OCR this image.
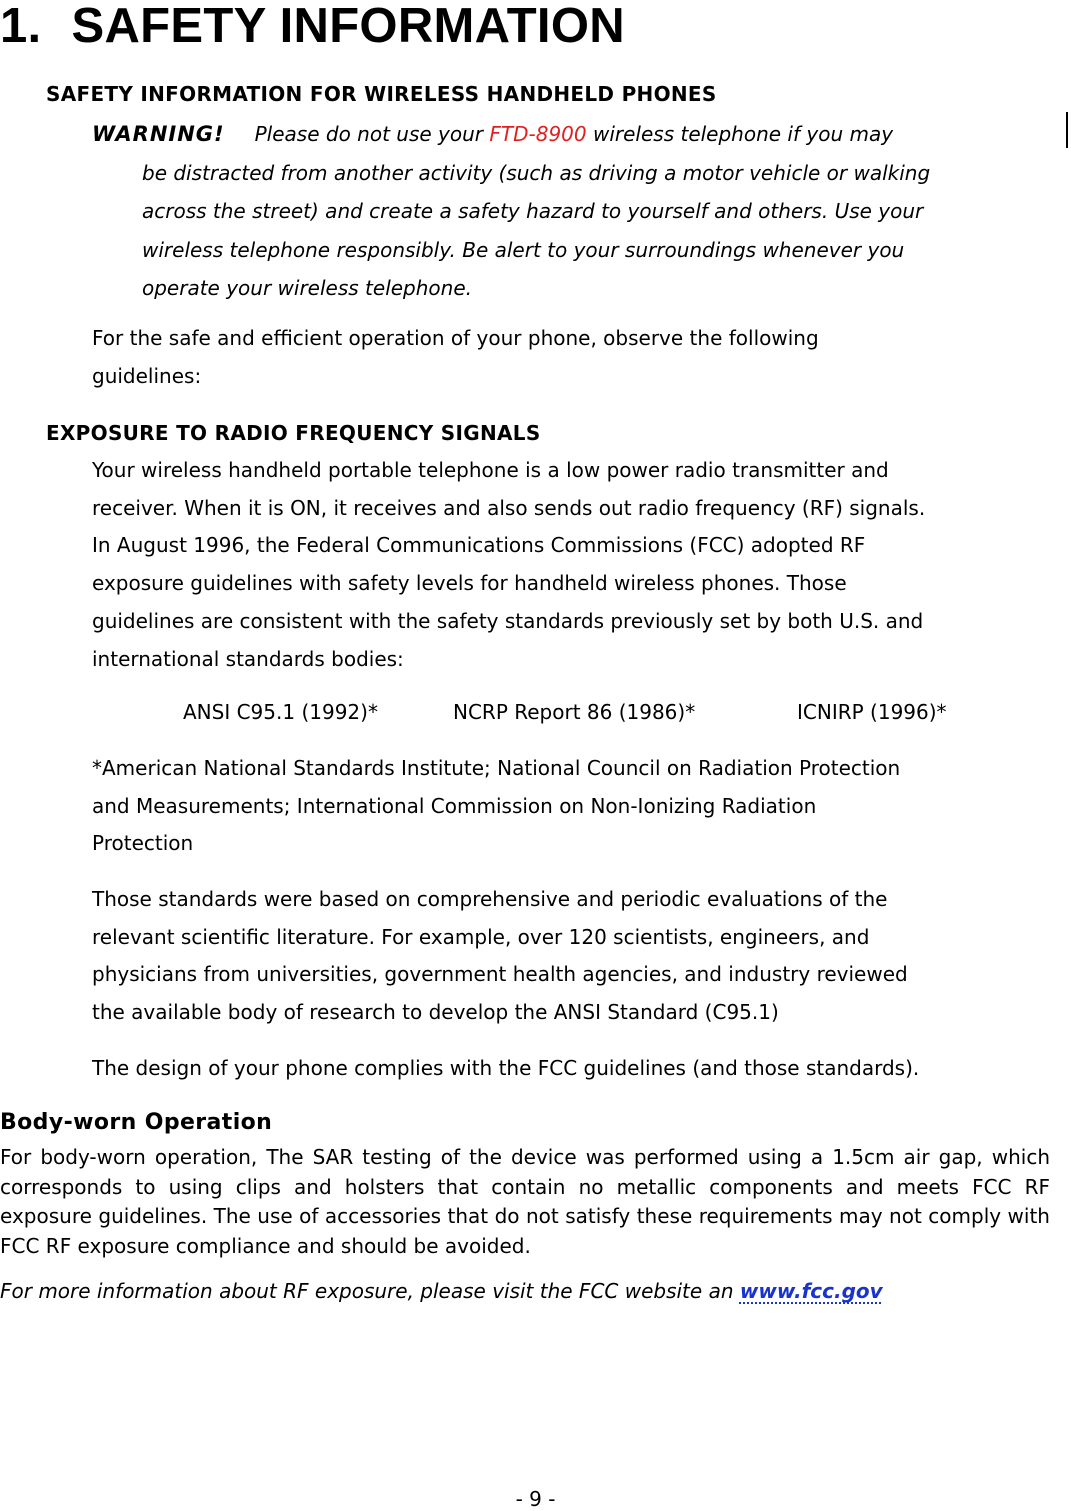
1. SAFETY INFORMATION
SAFETY INFORMATION FOR WIRELESS HANDHELD PHONES
WARNING! Please do not use your FTD-8900 wireless telephone if you may
be distracted from another activity (such as driving a motor vehicle or walking
across the street) and create a safety hazard to yourself and others. Use your
wireless telephone responsibly. Be alert to your surroundings whenever you
operate your wireless telephone.
For the safe and efficient operation of your phone, observe the following
guidelines:
EXPOSURE TO RADIO FREQUENCY SIGNALS
Your wireless handheld portable telephone is a low power radio transmitter and
receiver. When it is ON, it receives and also sends out radio frequency (RF) signals.
In August 1996, the Federal Communications Commissions (FCC) adopted RF
exposure guidelines with safety levels for handheld wireless phones. Those
guidelines are consistent with the safety standards previously set by both U.S. and
international standards bodies:
ANSI C95.1 (1992)*	NCRP Report 86 (1986)*	ICNIRP (1996)*
*American National Standards Institute; National Council on Radiation Protection
and Measurements; International Commission on Non-Ionizing Radiation
Protection
Those standards were based on comprehensive and periodic evaluations of the
relevant scientific literature. For example, over 120 scientists, engineers, and
physicians from universities, government health agencies, and industry reviewed
the available body of research to develop the ANSI Standard (C95.1)
The design of your phone complies with the FCC guidelines (and those standards).
Body-worn Operation
For body-worn operation, The SAR testing of the device was performed using a 1.5cm air gap, which corresponds to using clips and holsters that contain no metallic components and meets FCC RF exposure guidelines. The use of accessories that do not satisfy these requirements may not comply with FCC RF exposure compliance and should be avoided.
For more information about RF exposure, please visit the FCC website an www.fcc.gov
- 9 -
